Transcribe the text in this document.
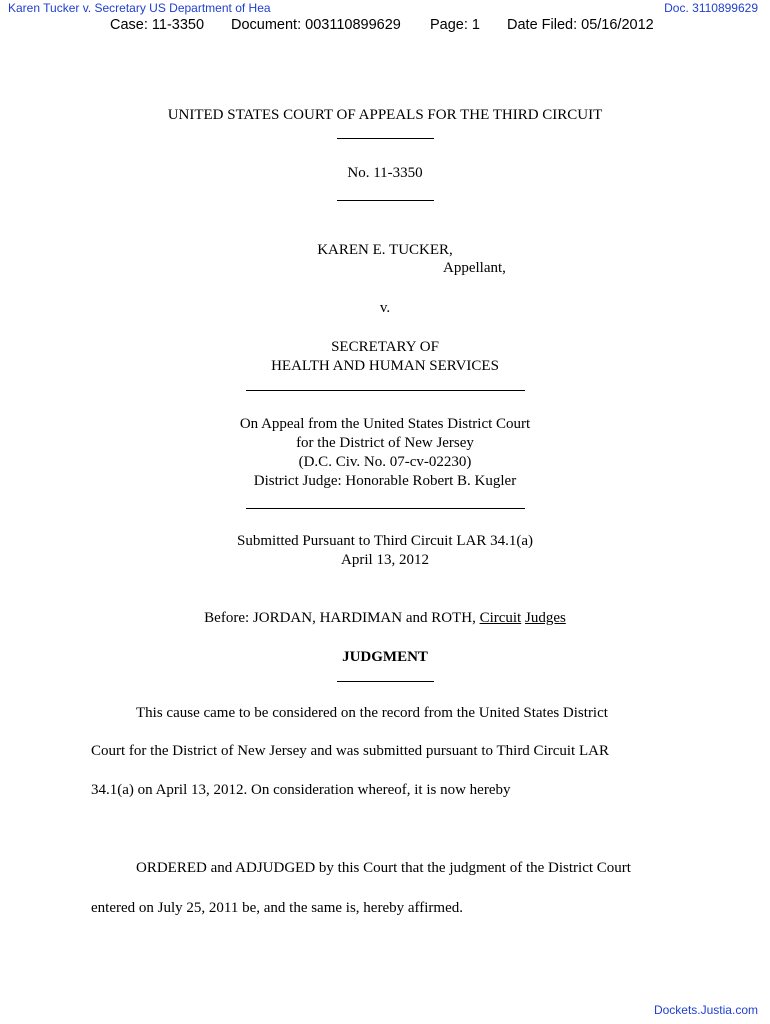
Karen Tucker v. Secretary US Department of Hea	Doc. 3110899629
Case: 11-3350 Document: 003110899629 Page: 1 Date Filed: 05/16/2012
UNITED STATES COURT OF APPEALS FOR THE THIRD CIRCUIT
No. 11-3350
KAREN E. TUCKER,
Appellant,
v.
SECRETARY OF
HEALTH AND HUMAN SERVICES
On Appeal from the United States District Court
for the District of New Jersey
(D.C. Civ. No. 07-cv-02230)
District Judge: Honorable Robert B. Kugler
Submitted Pursuant to Third Circuit LAR 34.1(a)
April 13, 2012
Before: JORDAN, HARDIMAN and ROTH, Circuit Judges
JUDGMENT
This cause came to be considered on the record from the United States District
Court for the District of New Jersey and was submitted pursuant to Third Circuit LAR
34.1(a) on April 13, 2012. On consideration whereof, it is now hereby
ORDERED and ADJUDGED by this Court that the judgment of the District Court
entered on July 25, 2011 be, and the same is, hereby affirmed.
Dockets.Justia.com
